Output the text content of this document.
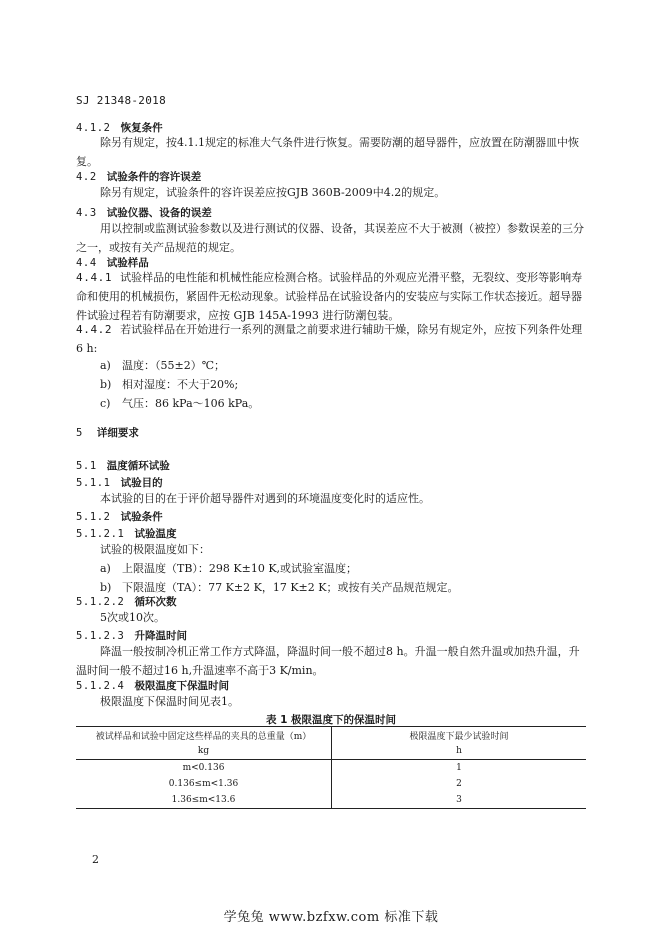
SJ 21348-2018
4.1.2 恢复条件
除另有规定，按4.1.1规定的标准大气条件进行恢复。需要防潮的超导器件，应放置在防潮器皿中恢复。
4.2 试验条件的容许误差
除另有规定，试验条件的容许误差应按GJB 360B-2009中4.2的规定。
4.3 试验仪器、设备的误差
用以控制或监测试验参数以及进行测试的仪器、设备，其误差应不大于被测（被控）参数误差的三分之一，或按有关产品规范的规定。
4.4 试验样品
4.4.1 试验样品的电性能和机械性能应检测合格。试验样品的外观应光滑平整，无裂纹、变形等影响寿命和使用的机械损伤，紧固件无松动现象。试验样品在试验设备内的安装应与实际工作状态接近。超导器件试验过程若有防潮要求，应按 GJB 145A-1993 进行防潮包装。
4.4.2 若试验样品在开始进行一系列的测量之前要求进行辅助干燥，除另有规定外，应按下列条件处理 6 h:
a) 温度：（55±2）℃；
b) 相对湿度：不大于20%;
c) 气压：86 kPa～106 kPa。
5 详细要求
5.1 温度循环试验
5.1.1 试验目的
本试验的目的在于评价超导器件对遇到的环境温度变化时的适应性。
5.1.2 试验条件
5.1.2.1 试验温度
试验的极限温度如下：
a) 上限温度（TB）：298 K±10 K,或试验室温度；
b) 下限温度（TA）：77 K±2 K，17 K±2 K；或按有关产品规范规定。
5.1.2.2 循环次数
5次或10次。
5.1.2.3 升降温时间
降温一般按制冷机正常工作方式降温，降温时间一般不超过8 h。升温一般自然升温或加热升温，升温时间一般不超过16 h,升温速率不高于3 K/min。
5.1.2.4 极限温度下保温时间
极限温度下保温时间见表1。
表 1 极限温度下的保温时间
被试样品和试验中固定这些样品的夹具的总重量（m）	极限温度下最少试验时间
kg	h
m<0.136	1
0.136≤m<1.36	2
1.36≤m<13.6	3
2
学兔兔 www.bzfxw.com 标准下载
